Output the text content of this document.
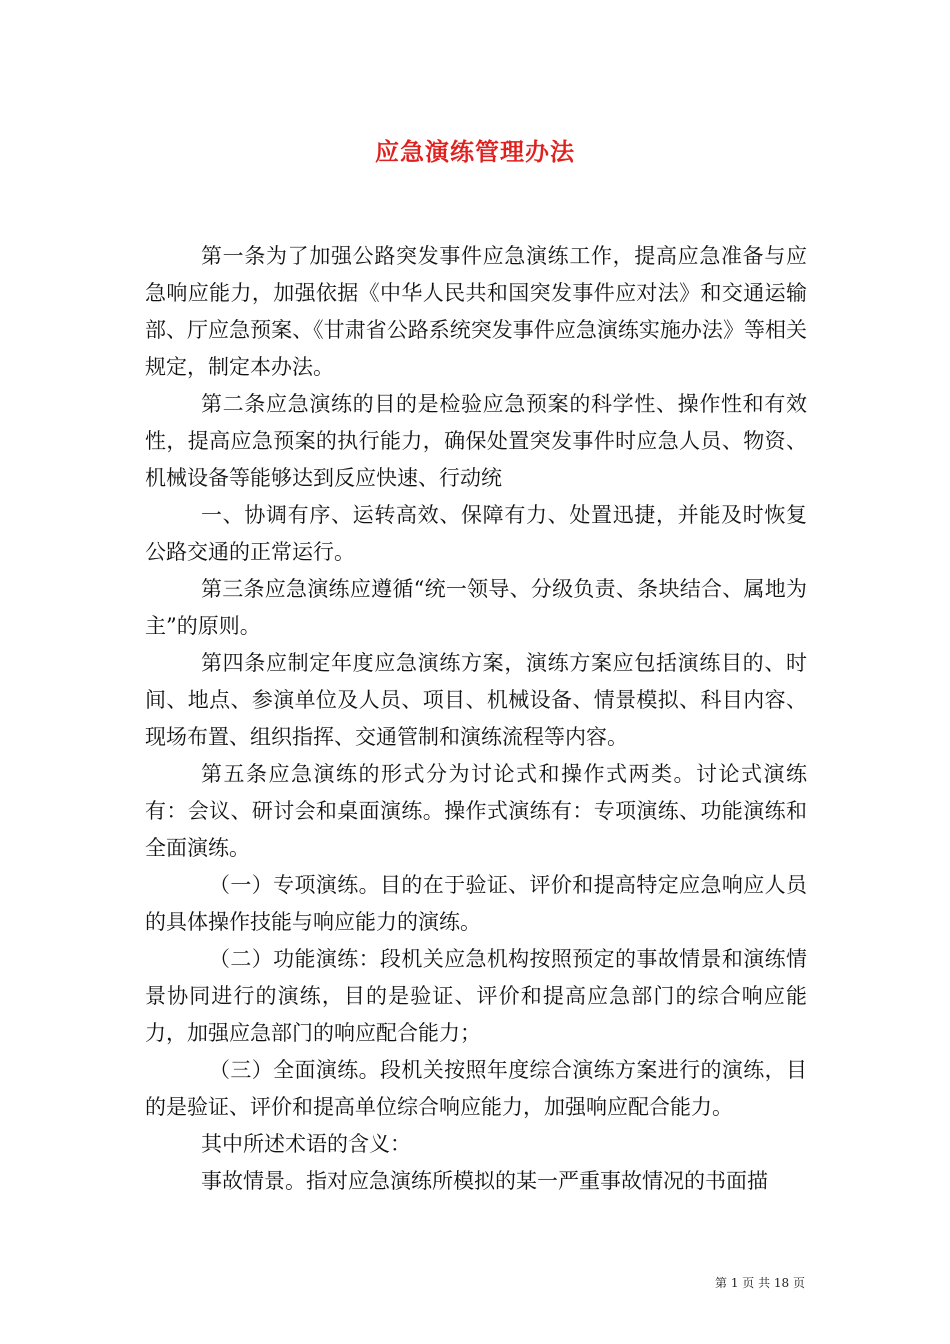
应急演练管理办法

第一条为了加强公路突发事件应急演练工作，提高应急准备与应急响应能力，加强依据《中华人民共和国突发事件应对法》和交通运输部、厅应急预案、《甘肃省公路系统突发事件应急演练实施办法》等相关规定，制定本办法。

第二条应急演练的目的是检验应急预案的科学性、操作性和有效性，提高应急预案的执行能力，确保处置突发事件时应急人员、物资、机械设备等能够达到反应快速、行动统

一、协调有序、运转高效、保障有力、处置迅捷，并能及时恢复公路交通的正常运行。

第三条应急演练应遵循“统一领导、分级负责、条块结合、属地为主”的原则。

第四条应制定年度应急演练方案，演练方案应包括演练目的、时间、地点、参演单位及人员、项目、机械设备、情景模拟、科目内容、现场布置、组织指挥、交通管制和演练流程等内容。

第五条应急演练的形式分为讨论式和操作式两类。讨论式演练有：会议、研讨会和桌面演练。操作式演练有：专项演练、功能演练和全面演练。

（一）专项演练。目的在于验证、评价和提高特定应急响应人员的具体操作技能与响应能力的演练。

（二）功能演练：段机关应急机构按照预定的事故情景和演练情景协同进行的演练，目的是验证、评价和提高应急部门的综合响应能力，加强应急部门的响应配合能力；

（三）全面演练。段机关按照年度综合演练方案进行的演练，目的是验证、评价和提高单位综合响应能力，加强响应配合能力。

其中所述术语的含义：

事故情景。指对应急演练所模拟的某一严重事故情况的书面描

第 1 页 共 18 页
